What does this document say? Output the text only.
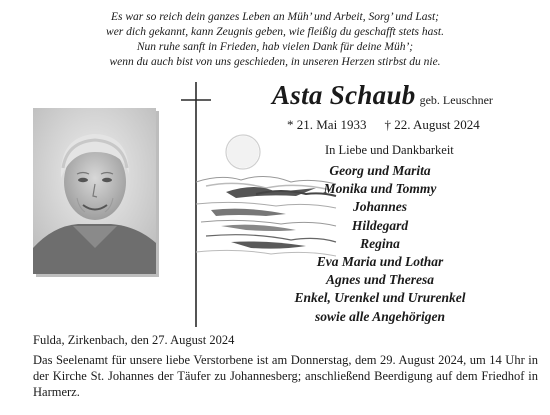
Es war so reich dein ganzes Leben an Müh’ und Arbeit, Sorg’ und Last;
wer dich gekannt, kann Zeugnis geben, wie fleißig du geschafft stets hast.
Nun ruhe sanft in Frieden, hab vielen Dank für deine Müh’;
wenn du auch bist von uns geschieden, in unseren Herzen stirbst du nie.
Asta Schaub geb. Leuschner
* 21. Mai 1933 † 22. August 2024
In Liebe und Dankbarkeit
Georg und Marita
Monika und Tommy
Johannes
Hildegard
Regina
Eva Maria und Lothar
Agnes und Theresa
Enkel, Urenkel und Ururenkel
sowie alle Angehörigen
Fulda, Zirkenbach, den 27. August 2024
Das Seelenamt für unsere liebe Verstorbene ist am Donnerstag, dem 29. August 2024, um 14 Uhr in der Kirche St. Johannes der Täufer zu Johannesberg; anschließend Beerdigung auf dem Friedhof in Harmerz.
